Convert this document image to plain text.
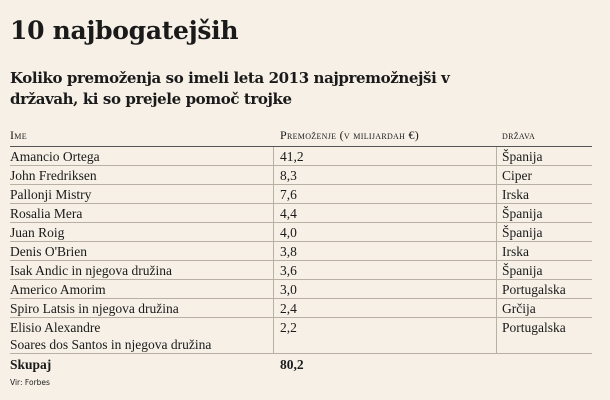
10 najbogatejših
Koliko premoženja so imeli leta 2013 najpremožnejši v državah, ki so prejele pomoč trojke
Ime	Premoženje (v milijardah €)	država
Amancio Ortega	41,2	Španija
John Fredriksen	8,3	Ciper
Pallonji Mistry	7,6	Irska
Rosalia Mera	4,4	Španija
Juan Roig	4,0	Španija
Denis O'Brien	3,8	Irska
Isak Andic in njegova družina	3,6	Španija
Americo Amorim	3,0	Portugalska
Spiro Latsis in njegova družina	2,4	Grčija
Elisio Alexandre
Soares dos Santos in njegova družina
2,2	Portugalska
Skupaj	80,2
Vir: Forbes
